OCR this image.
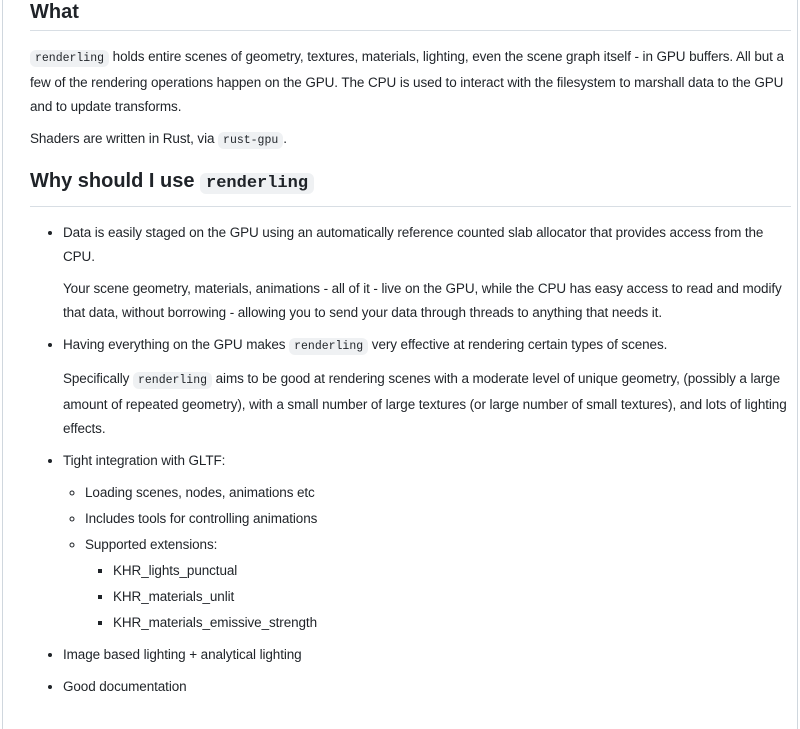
What

renderling holds entire scenes of geometry, textures, materials, lighting, even the scene graph itself - in GPU buffers. All but a few of the rendering operations happen on the GPU. The CPU is used to interact with the filesystem to marshall data to the GPU and to update transforms.

Shaders are written in Rust, via rust-gpu .

Why should I use renderling

• Data is easily staged on the GPU using an automatically reference counted slab allocator that provides access from the CPU.

Your scene geometry, materials, animations - all of it - live on the GPU, while the CPU has easy access to read and modify that data, without borrowing - allowing you to send your data through threads to anything that needs it.

• Having everything on the GPU makes renderling very effective at rendering certain types of scenes.

Specifically renderling aims to be good at rendering scenes with a moderate level of unique geometry, (possibly a large amount of repeated geometry), with a small number of large textures (or large number of small textures), and lots of lighting effects.

• Tight integration with GLTF:

◦ Loading scenes, nodes, animations etc

◦ Includes tools for controlling animations

◦ Supported extensions:

▪ KHR_lights_punctual

▪ KHR_materials_unlit

▪ KHR_materials_emissive_strength

• Image based lighting + analytical lighting

• Good documentation
